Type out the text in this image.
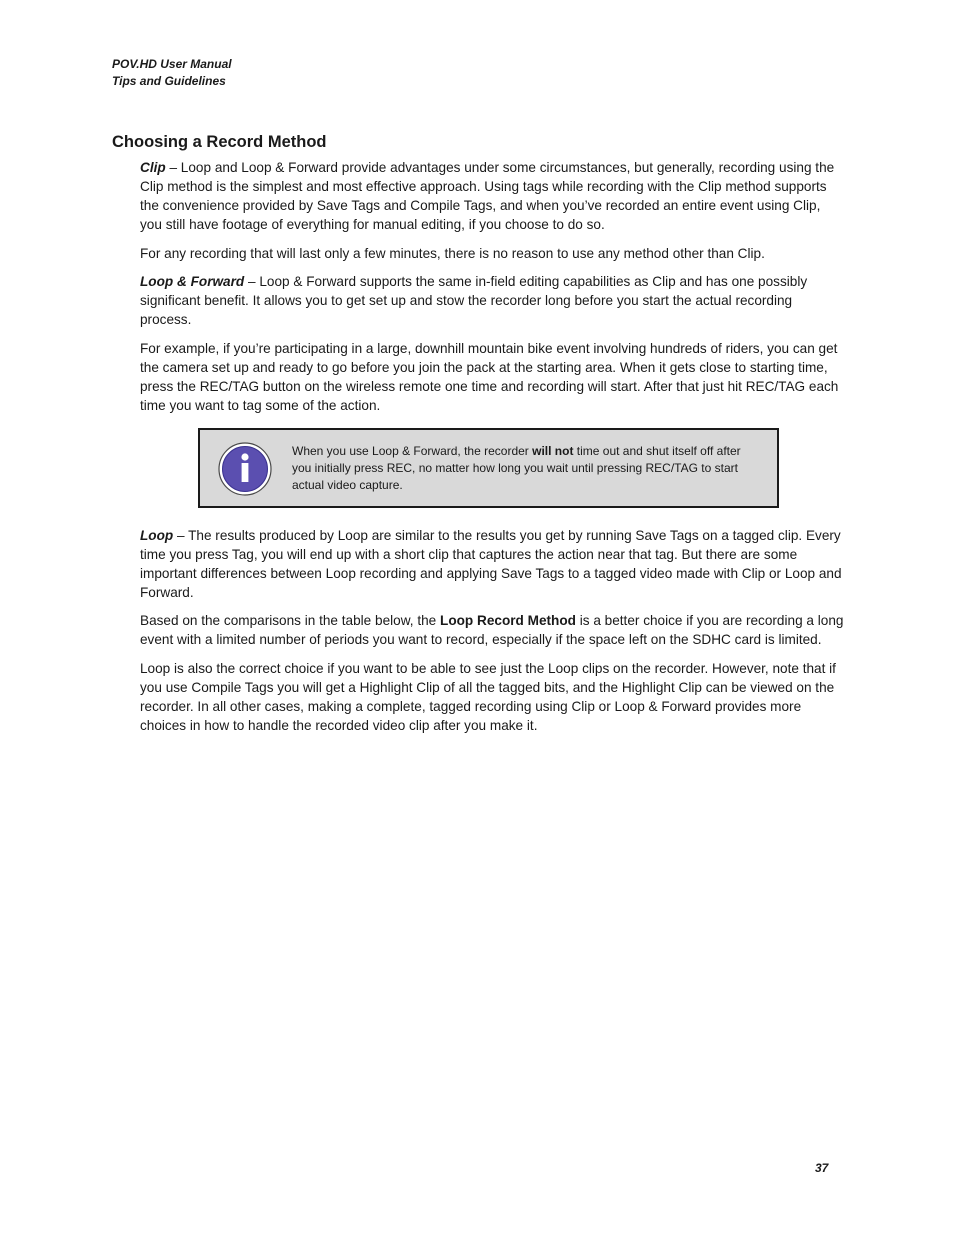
POV.HD User Manual
Tips and Guidelines
Choosing a Record Method

Clip – Loop and Loop & Forward provide advantages under some circumstances, but generally, recording using the Clip method is the simplest and most effective approach. Using tags while recording with the Clip method supports the convenience provided by Save Tags and Compile Tags, and when you’ve recorded an entire event using Clip, you still have footage of everything for manual editing, if you choose to do so.

For any recording that will last only a few minutes, there is no reason to use any method other than Clip.

Loop & Forward – Loop & Forward supports the same in-field editing capabilities as Clip and has one possibly significant benefit. It allows you to get set up and stow the recorder long before you start the actual recording process.

For example, if you’re participating in a large, downhill mountain bike event involving hundreds of riders, you can get the camera set up and ready to go before you join the pack at the starting area. When it gets close to starting time, press the REC/TAG button on the wireless remote one time and recording will start. After that just hit REC/TAG each time you want to tag some of the action.

When you use Loop & Forward, the recorder will not time out and shut itself off after you initially press REC, no matter how long you wait until pressing REC/TAG to start actual video capture.

Loop – The results produced by Loop are similar to the results you get by running Save Tags on a tagged clip. Every time you press Tag, you will end up with a short clip that captures the action near that tag. But there are some important differences between Loop recording and applying Save Tags to a tagged video made with Clip or Loop and Forward.

Based on the comparisons in the table below, the Loop Record Method is a better choice if you are recording a long event with a limited number of periods you want to record, especially if the space left on the SDHC card is limited.

Loop is also the correct choice if you want to be able to see just the Loop clips on the recorder. However, note that if you use Compile Tags you will get a Highlight Clip of all the tagged bits, and the Highlight Clip can be viewed on the recorder. In all other cases, making a complete, tagged recording using Clip or Loop & Forward provides more choices in how to handle the recorded video clip after you make it.

37
